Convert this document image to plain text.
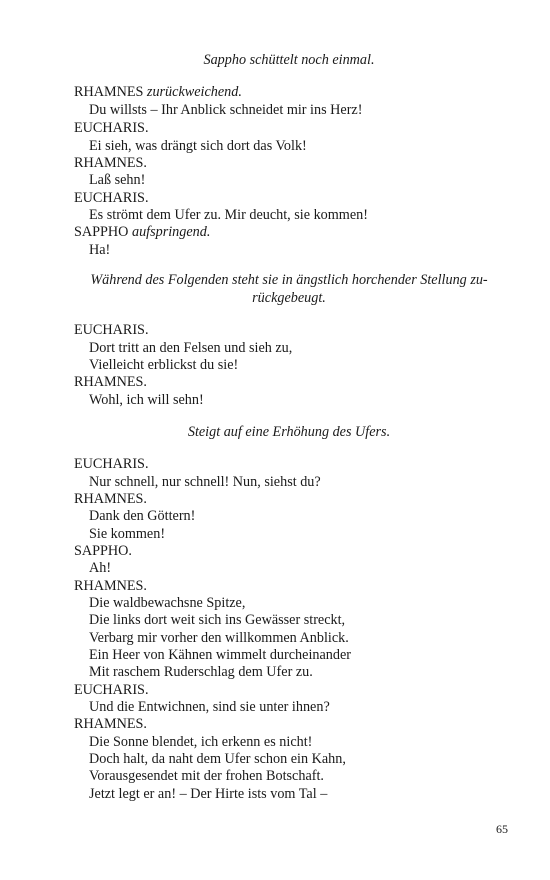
Sappho schüttelt noch einmal.
RHAMNES zurückweichend.
Du willsts – Ihr Anblick schneidet mir ins Herz!
EUCHARIS.
Ei sieh, was drängt sich dort das Volk!
RHAMNES.
Laß sehn!
EUCHARIS.
Es strömt dem Ufer zu. Mir deucht, sie kommen!
SAPPHO aufspringend.
Ha!
Während des Folgenden steht sie in ängstlich horchender Stellung zu-
rückgebeugt.
EUCHARIS.
Dort tritt an den Felsen und sieh zu,
Vielleicht erblickst du sie!
RHAMNES.
Wohl, ich will sehn!
Steigt auf eine Erhöhung des Ufers.
EUCHARIS.
Nur schnell, nur schnell! Nun, siehst du?
RHAMNES.
Dank den Göttern!
Sie kommen!
SAPPHO.
Ah!
RHAMNES.
Die waldbewachsne Spitze,
Die links dort weit sich ins Gewässer streckt,
Verbarg mir vorher den willkommen Anblick.
Ein Heer von Kähnen wimmelt durcheinander
Mit raschem Ruderschlag dem Ufer zu.
EUCHARIS.
Und die Entwichnen, sind sie unter ihnen?
RHAMNES.
Die Sonne blendet, ich erkenn es nicht!
Doch halt, da naht dem Ufer schon ein Kahn,
Vorausgesendet mit der frohen Botschaft.
Jetzt legt er an! – Der Hirte ists vom Tal –
65
